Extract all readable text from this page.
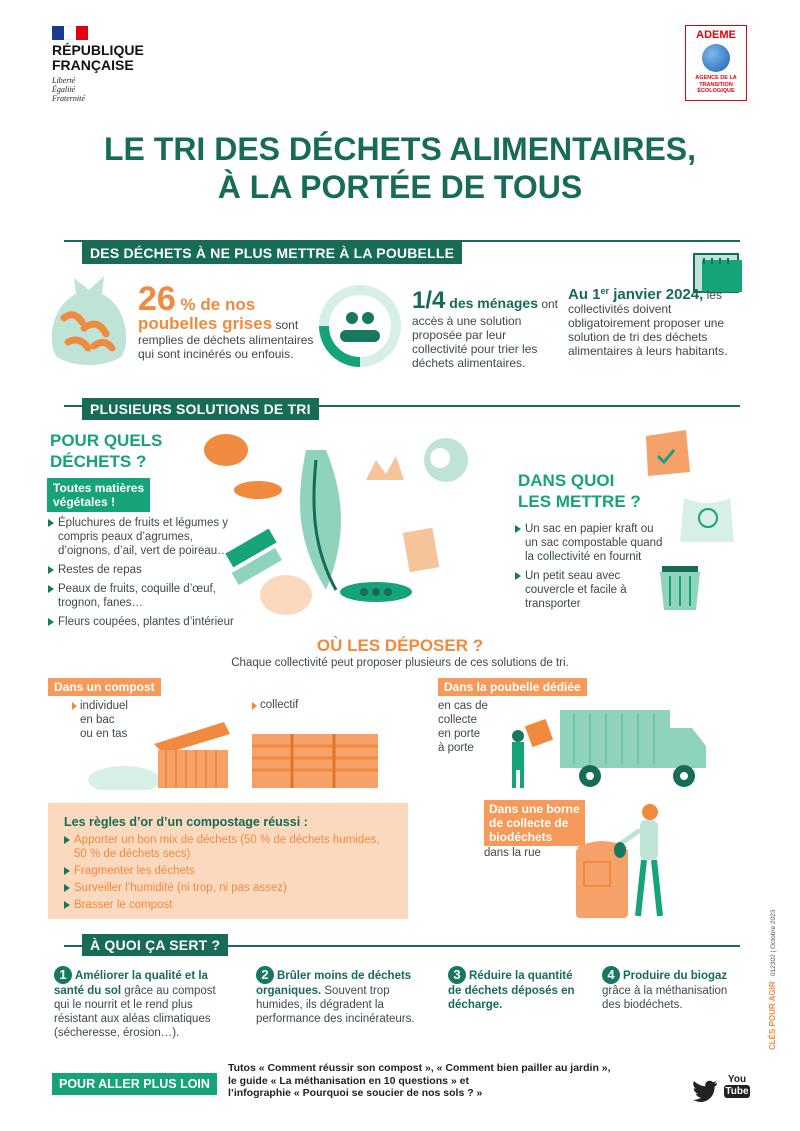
RÉPUBLIQUE
FRANÇAISE
Liberté
Égalité
Fraternité
ADEME
AGENCE DE LA
TRANSITION
ÉCOLOGIQUE
LE TRI DES DÉCHETS ALIMENTAIRES,
À LA PORTÉE DE TOUS
DES DÉCHETS À NE PLUS METTRE À LA POUBELLE
26 % de nos poubelles grises sont remplies de déchets alimentaires qui sont incinérés ou enfouis.
1/4 des ménages ont accès à une solution proposée par leur collectivité pour trier les déchets alimentaires.
Au 1er janvier 2024, les collectivités doivent obligatoirement proposer une solution de tri des déchets alimentaires à leurs habitants.
PLUSIEURS SOLUTIONS DE TRI
POUR QUELS
DÉCHETS ?
Toutes matières
végétales !
Épluchures de fruits et légumes y compris peaux d’agrumes, d’oignons, d’ail, vert de poireau…
Restes de repas
Peaux de fruits, coquille d’œuf, trognon, fanes…
Fleurs coupées, plantes d’intérieur
DANS QUOI
LES METTRE ?
Un sac en papier kraft ou un sac compostable quand la collectivité en fournit
Un petit seau avec couvercle et facile à transporter
OÙ LES DÉPOSER ?
Chaque collectivité peut proposer plusieurs de ces solutions de tri.
Dans un compost
individuel
en bac
ou en tas
collectif
Dans la poubelle dédiée
en cas de
collecte
en porte
à porte
Dans une borne
de collecte de
biodéchets
dans la rue
Les règles d’or d’un compostage réussi :
Apporter un bon mix de déchets (50 % de déchets humides, 50 % de déchets secs)
Fragmenter les déchets
Surveiller l’humidité (ni trop, ni pas assez)
Brasser le compost
À QUOI ÇA SERT ?
1 Améliorer la qualité et la santé du sol grâce au compost qui le nourrit et le rend plus résistant aux aléas climatiques (sécheresse, érosion…).
2 Brûler moins de déchets organiques. Souvent trop humides, ils dégradent la performance des incinérateurs.
3 Réduire la quantité de déchets déposés en décharge.
4 Produire du biogaz grâce à la méthanisation des biodéchets.
POUR ALLER PLUS LOIN
Tutos « Comment réussir son compost », « Comment bien pailler au jardin »,
le guide « La méthanisation en 10 questions » et
l’infographie « Pourquoi se soucier de nos sols ? »
You
Tube
012302 | Octobre 2023
CLÉS POUR AGIR
